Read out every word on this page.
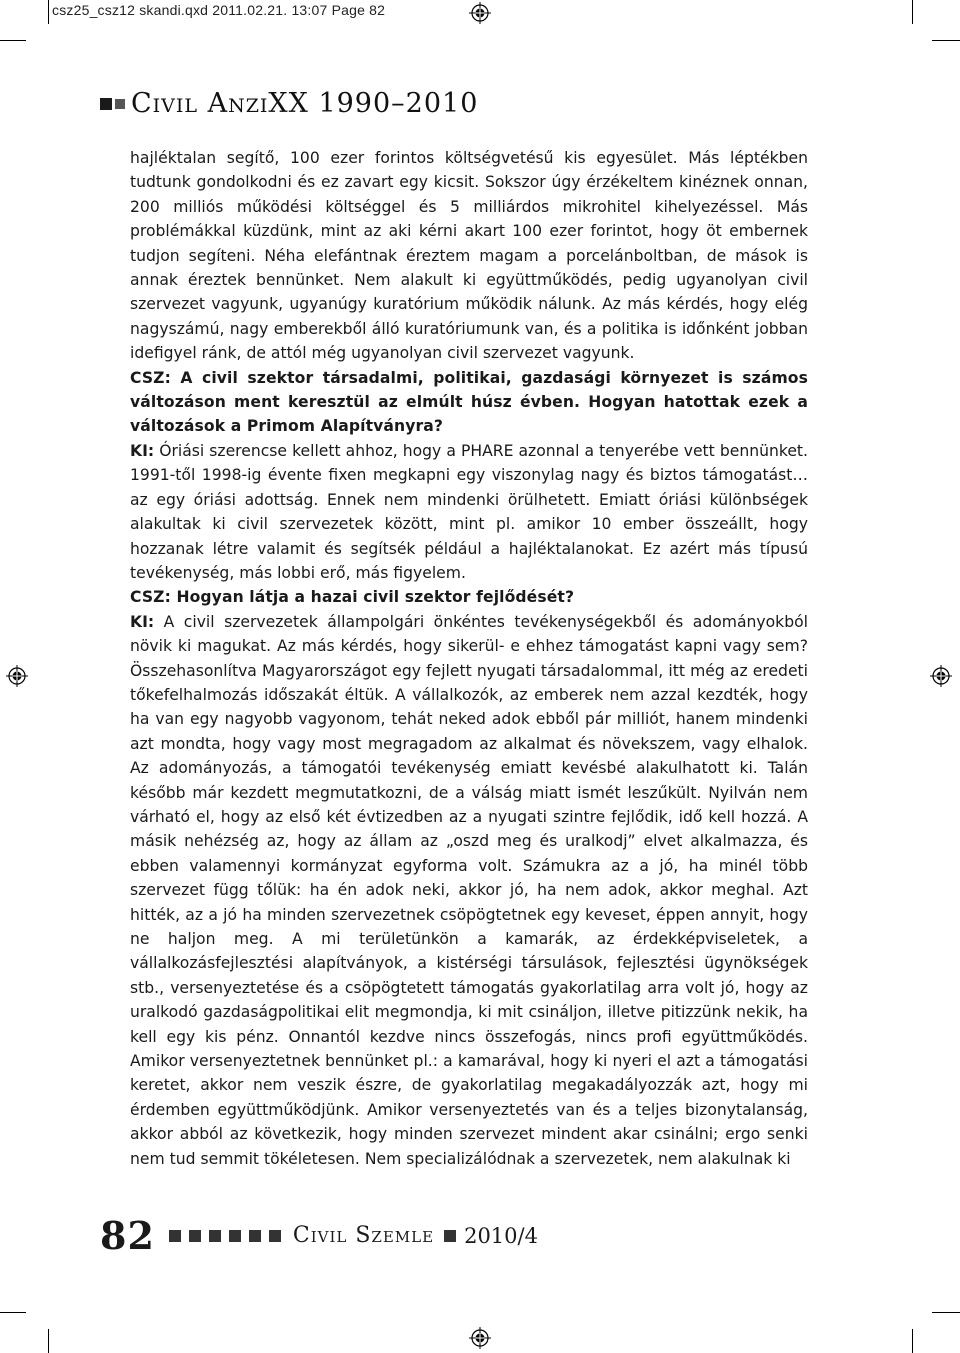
csz25_csz12 skandi.qxd 2011.02.21. 13:07 Page 82
Civil AnziXX 1990–2010

hajléktalan segítő, 100 ezer forintos költségvetésű kis egyesület. Más léptékben tudtunk gondolkodni és ez zavart egy kicsit. Sokszor úgy érzékeltem kinéznek onnan, 200 milliós működési költséggel és 5 milliárdos mikrohitel kihelyezéssel. Más problémákkal küzdünk, mint az aki kérni akart 100 ezer forintot, hogy öt embernek tudjon segíteni. Néha elefántnak éreztem magam a porcelánboltban, de mások is annak éreztek bennünket. Nem alakult ki együttműködés, pedig ugyanolyan civil szervezet vagyunk, ugyanúgy kuratórium működik nálunk. Az más kérdés, hogy elég nagyszámú, nagy emberekből álló kuratóriumunk van, és a politika is időnként jobban idefigyel ránk, de attól még ugyanolyan civil szervezet vagyunk.

CSZ: A civil szektor társadalmi, politikai, gazdasági környezet is számos változáson ment keresztül az elmúlt húsz évben. Hogyan hatottak ezek a változások a Primom Alapítványra?

KI: Óriási szerencse kellett ahhoz, hogy a PHARE azonnal a tenyerébe vett bennünket. 1991-től 1998-ig évente fixen megkapni egy viszonylag nagy és biztos támogatást… az egy óriási adottság. Ennek nem mindenki örülhetett. Emiatt óriási különbségek alakultak ki civil szervezetek között, mint pl. amikor 10 ember összeállt, hogy hozzanak létre valamit és segítsék például a hajléktalanokat. Ez azért más típusú tevékenység, más lobbi erő, más figyelem.

CSZ: Hogyan látja a hazai civil szektor fejlődését?

KI: A civil szervezetek állampolgári önkéntes tevékenységekből és adományokból növik ki magukat. Az más kérdés, hogy sikerül- e ehhez támogatást kapni vagy sem? Összehasonlítva Magyarországot egy fejlett nyugati társadalommal, itt még az eredeti tőkefelhalmozás időszakát éltük. A vállalkozók, az emberek nem azzal kezdték, hogy ha van egy nagyobb vagyonom, tehát neked adok ebből pár milliót, hanem mindenki azt mondta, hogy vagy most megragadom az alkalmat és növekszem, vagy elhalok. Az adományozás, a támogatói tevékenység emiatt kevésbé alakulhatott ki. Talán később már kezdett megmutatkozni, de a válság miatt ismét leszűkült. Nyilván nem várható el, hogy az első két évtizedben az a nyugati szintre fejlődik, idő kell hozzá. A másik nehézség az, hogy az állam az „oszd meg és uralkodj” elvet alkalmazza, és ebben valamennyi kormányzat egyforma volt. Számukra az a jó, ha minél több szervezet függ tőlük: ha én adok neki, akkor jó, ha nem adok, akkor meghal. Azt hitték, az a jó ha minden szervezetnek csöpögtetnek egy keveset, éppen annyit, hogy ne haljon meg. A mi területünkön a kamarák, az érdekképviseletek, a vállalkozásfejlesztési alapítványok, a kistérségi társulások, fejlesztési ügynökségek stb., versenyeztetése és a csöpögtetett támogatás gyakorlatilag arra volt jó, hogy az uralkodó gazdaságpolitikai elit megmondja, ki mit csináljon, illetve pitizzünk nekik, ha kell egy kis pénz. Onnantól kezdve nincs összefogás, nincs profi együttműködés. Amikor versenyeztetnek bennünket pl.: a kamarával, hogy ki nyeri el azt a támogatási keretet, akkor nem veszik észre, de gyakorlatilag megakadályozzák azt, hogy mi érdemben együttműködjünk. Amikor versenyeztetés van és a teljes bizonytalanság, akkor abból az következik, hogy minden szervezet mindent akar csinálni; ergo senki nem tud semmit tökéletesen. Nem specializálódnak a szervezetek, nem alakulnak ki

82	Civil Szemle 2010/4
